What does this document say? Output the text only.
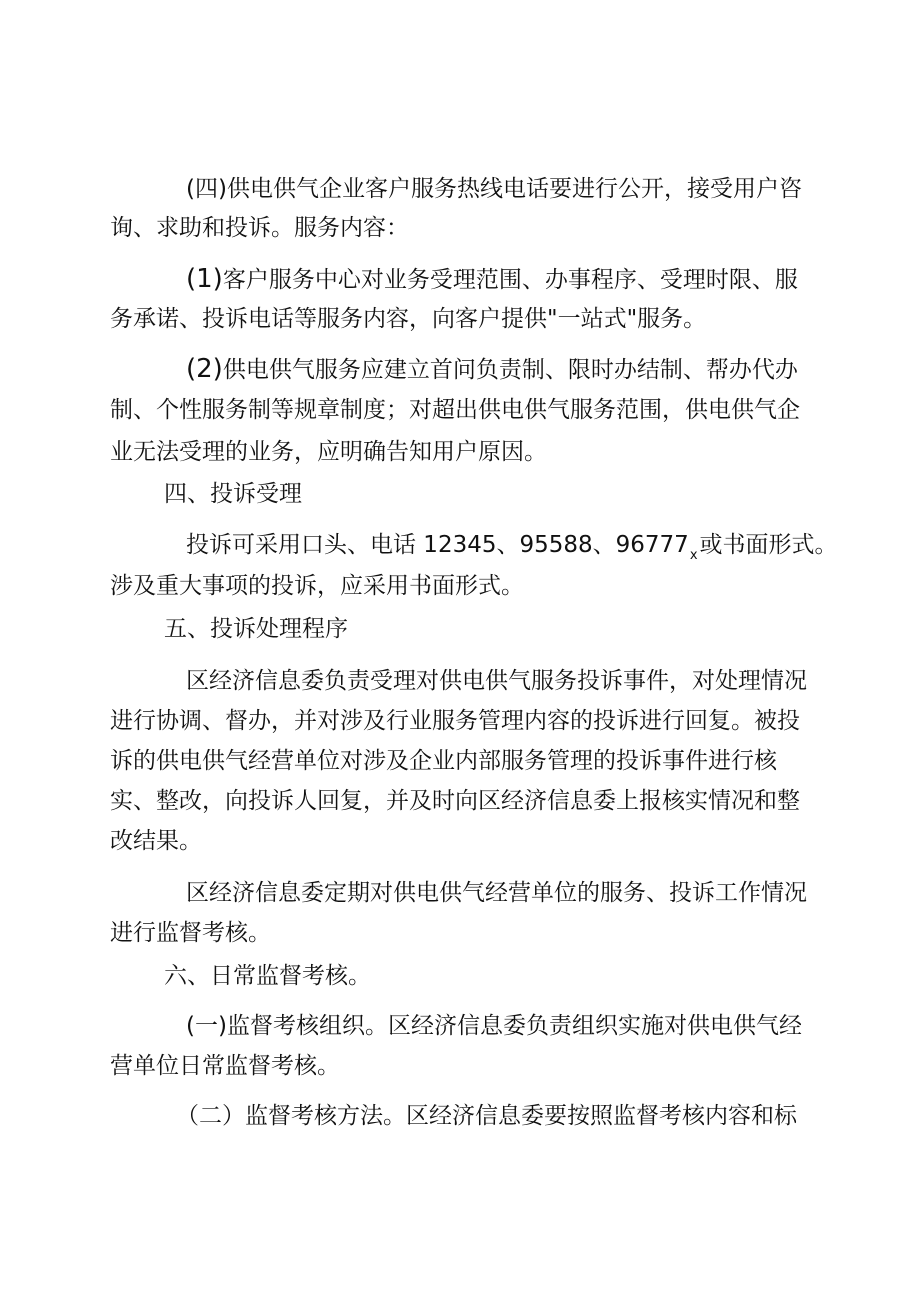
(四)供电供气企业客户服务热线电话要进行公开，接受用户咨
询、求助和投诉。服务内容：
(1)客户服务中心对业务受理范围、办事程序、受理时限、服
务承诺、投诉电话等服务内容，向客户提供"一站式"服务。
(2)供电供气服务应建立首问负责制、限时办结制、帮办代办
制、个性服务制等规章制度；对超出供电供气服务范围，供电供气企
业无法受理的业务，应明确告知用户原因。
四、投诉受理
投诉可采用口头、电话 12345、95588、$96777_x$或书面形式。
涉及重大事项的投诉，应采用书面形式。
五、投诉处理程序
区经济信息委负责受理对供电供气服务投诉事件，对处理情况
进行协调、督办，并对涉及行业服务管理内容的投诉进行回复。被投
诉的供电供气经营单位对涉及企业内部服务管理的投诉事件进行核
实、整改，向投诉人回复，并及时向区经济信息委上报核实情况和整
改结果。
区经济信息委定期对供电供气经营单位的服务、投诉工作情况
进行监督考核。
六、日常监督考核。
(一)监督考核组织。区经济信息委负责组织实施对供电供气经
营单位日常监督考核。
（二）监督考核方法。区经济信息委要按照监督考核内容和标
